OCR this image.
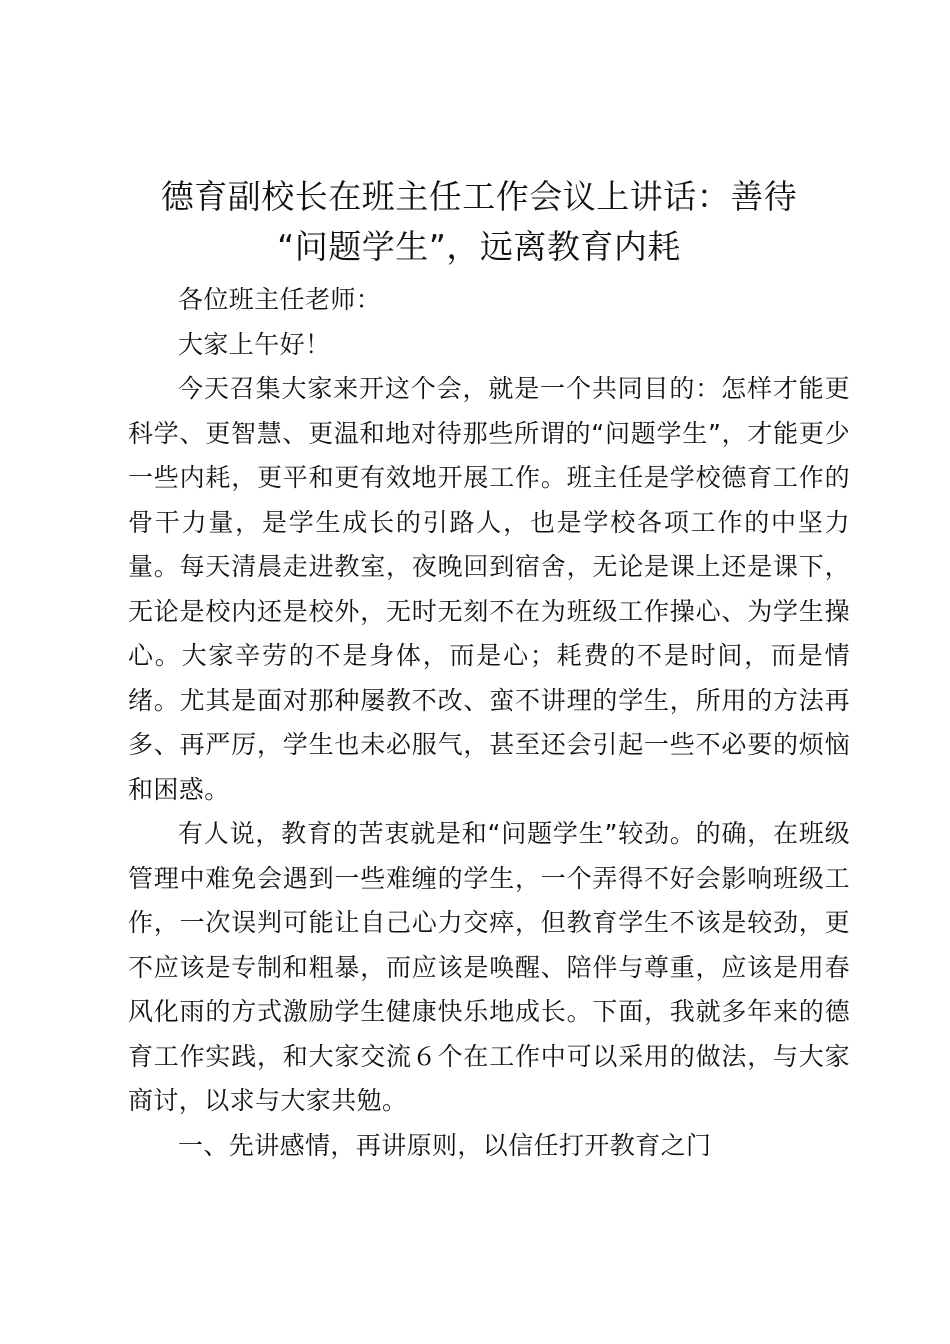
德育副校长在班主任工作会议上讲话：善待
“问题学生”，远离教育内耗

各位班主任老师：

大家上午好！

今天召集大家来开这个会，就是一个共同目的：怎样才能更科学、更智慧、更温和地对待那些所谓的“问题学生”，才能更少一些内耗，更平和更有效地开展工作。班主任是学校德育工作的骨干力量，是学生成长的引路人，也是学校各项工作的中坚力量。每天清晨走进教室，夜晚回到宿舍，无论是课上还是课下，无论是校内还是校外，无时无刻不在为班级工作操心、为学生操心。大家辛劳的不是身体，而是心；耗费的不是时间，而是情绪。尤其是面对那种屡教不改、蛮不讲理的学生，所用的方法再多、再严厉，学生也未必服气，甚至还会引起一些不必要的烦恼和困惑。

有人说，教育的苦衷就是和“问题学生”较劲。的确，在班级管理中难免会遇到一些难缠的学生，一个弄得不好会影响班级工作，一次误判可能让自己心力交瘁，但教育学生不该是较劲，更不应该是专制和粗暴，而应该是唤醒、陪伴与尊重，应该是用春风化雨的方式激励学生健康快乐地成长。下面，我就多年来的德育工作实践，和大家交流６个在工作中可以采用的做法，与大家商讨，以求与大家共勉。

一、先讲感情，再讲原则，以信任打开教育之门
